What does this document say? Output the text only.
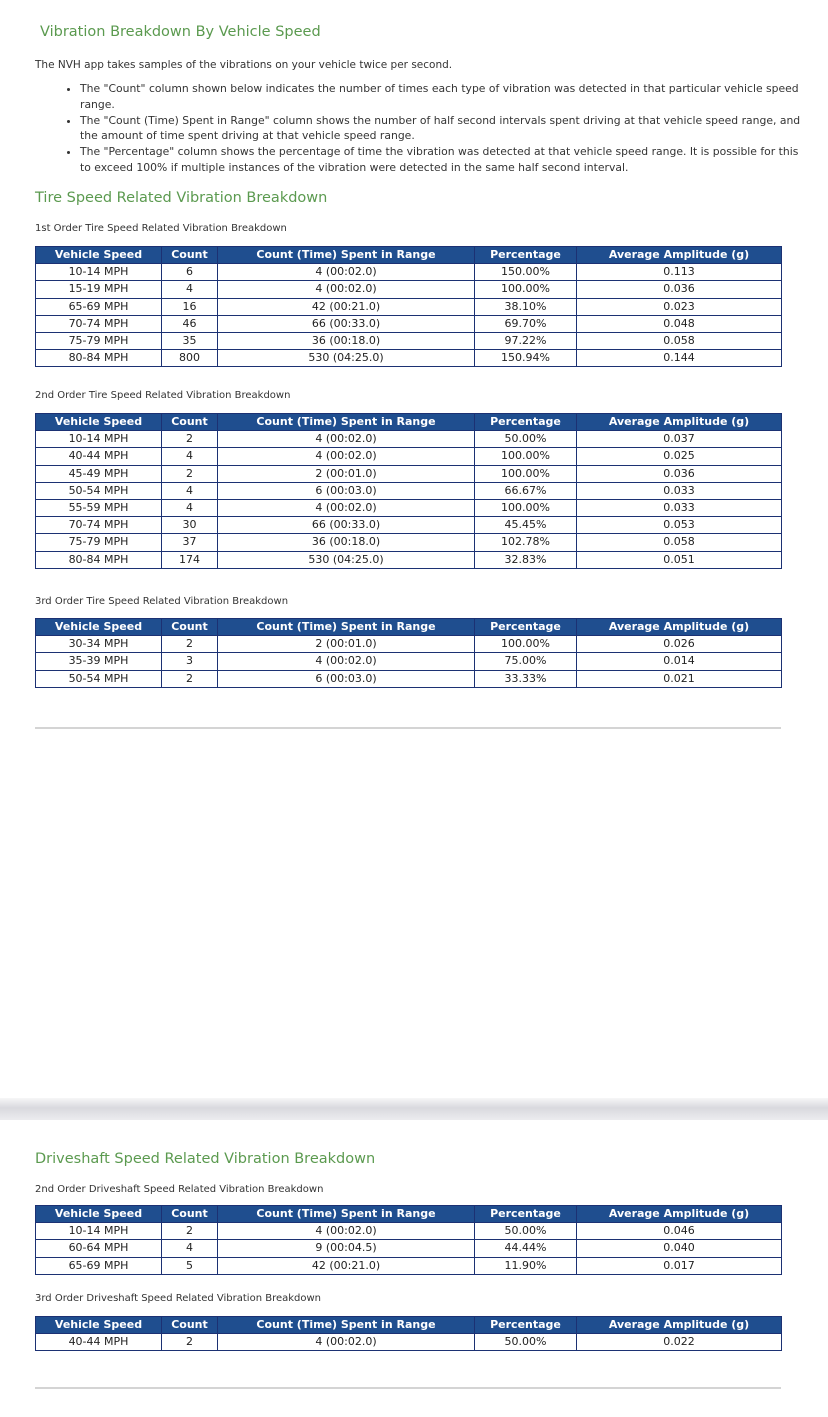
Vibration Breakdown By Vehicle Speed

The NVH app takes samples of the vibrations on your vehicle twice per second.

• The "Count" column shown below indicates the number of times each type of vibration was detected in that particular vehicle speed range.
• The "Count (Time) Spent in Range" column shows the number of half second intervals spent driving at that vehicle speed range, and the amount of time spent driving at that vehicle speed range.
• The "Percentage" column shows the percentage of time the vibration was detected at that vehicle speed range. It is possible for this to exceed 100% if multiple instances of the vibration were detected in the same half second interval.
Tire Speed Related Vibration Breakdown
1st Order Tire Speed Related Vibration Breakdown
Vehicle Speed	Count	Count (Time) Spent in Range	Percentage	Average Amplitude (g)
10-14 MPH	6	4 (00:02.0)	150.00%	0.113
15-19 MPH	4	4 (00:02.0)	100.00%	0.036
65-69 MPH	16	42 (00:21.0)	38.10%	0.023
70-74 MPH	46	66 (00:33.0)	69.70%	0.048
75-79 MPH	35	36 (00:18.0)	97.22%	0.058
80-84 MPH	800	530 (04:25.0)	150.94%	0.144
2nd Order Tire Speed Related Vibration Breakdown
Vehicle Speed	Count	Count (Time) Spent in Range	Percentage	Average Amplitude (g)
10-14 MPH	2	4 (00:02.0)	50.00%	0.037
40-44 MPH	4	4 (00:02.0)	100.00%	0.025
45-49 MPH	2	2 (00:01.0)	100.00%	0.036
50-54 MPH	4	6 (00:03.0)	66.67%	0.033
55-59 MPH	4	4 (00:02.0)	100.00%	0.033
70-74 MPH	30	66 (00:33.0)	45.45%	0.053
75-79 MPH	37	36 (00:18.0)	102.78%	0.058
80-84 MPH	174	530 (04:25.0)	32.83%	0.051
3rd Order Tire Speed Related Vibration Breakdown
Vehicle Speed	Count	Count (Time) Spent in Range	Percentage	Average Amplitude (g)
30-34 MPH	2	2 (00:01.0)	100.00%	0.026
35-39 MPH	3	4 (00:02.0)	75.00%	0.014
50-54 MPH	2	6 (00:03.0)	33.33%	0.021
Driveshaft Speed Related Vibration Breakdown
2nd Order Driveshaft Speed Related Vibration Breakdown
Vehicle Speed	Count	Count (Time) Spent in Range	Percentage	Average Amplitude (g)
10-14 MPH	2	4 (00:02.0)	50.00%	0.046
60-64 MPH	4	9 (00:04.5)	44.44%	0.040
65-69 MPH	5	42 (00:21.0)	11.90%	0.017
3rd Order Driveshaft Speed Related Vibration Breakdown
Vehicle Speed	Count	Count (Time) Spent in Range	Percentage	Average Amplitude (g)
40-44 MPH	2	4 (00:02.0)	50.00%	0.022
